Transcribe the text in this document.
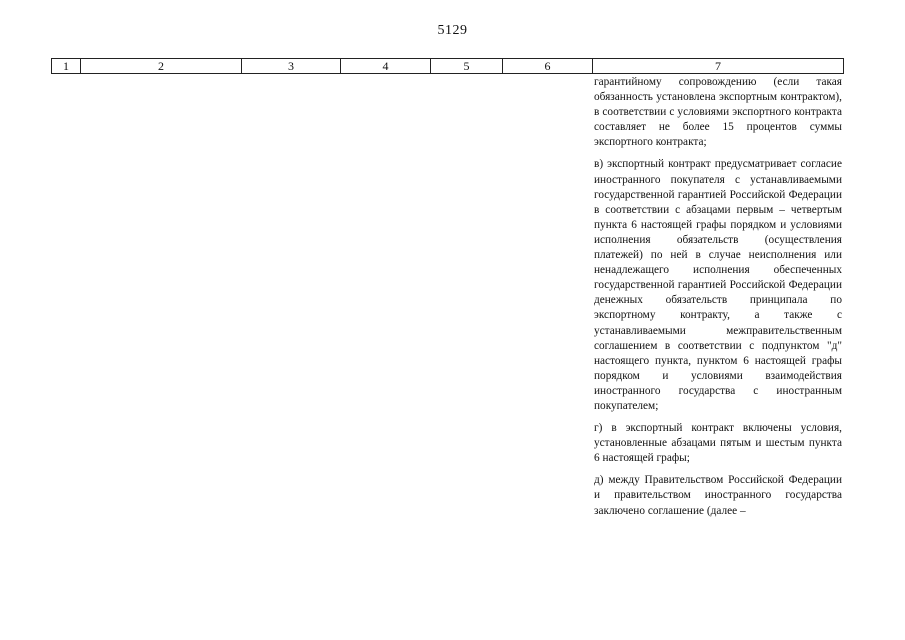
5129
1	2	3	4	5	6	7

гарантийному сопровождению (если такая обязанность установлена экспортным контрактом), в соответствии с условиями экспортного контракта составляет не более 15 процентов суммы экспортного контракта;

в) экспортный контракт предусматривает согласие иностранного покупателя с устанавливаемыми государственной гарантией Российской Федерации в соответствии с абзацами первым – четвертым пункта 6 настоящей графы порядком и условиями исполнения обязательств (осуществления платежей) по ней в случае неисполнения или ненадлежащего исполнения обеспеченных государственной гарантией Российской Федерации денежных обязательств принципала по экспортному контракту, а также с устанавливаемыми межправительственным соглашением в соответствии с подпунктом "д" настоящего пункта, пунктом 6 настоящей графы порядком и условиями взаимодействия иностранного государства с иностранным покупателем;

г) в экспортный контракт включены условия, установленные абзацами пятым и шестым пункта 6 настоящей графы;

д) между Правительством Российской Федерации и правительством иностранного государства заключено соглашение (далее –
